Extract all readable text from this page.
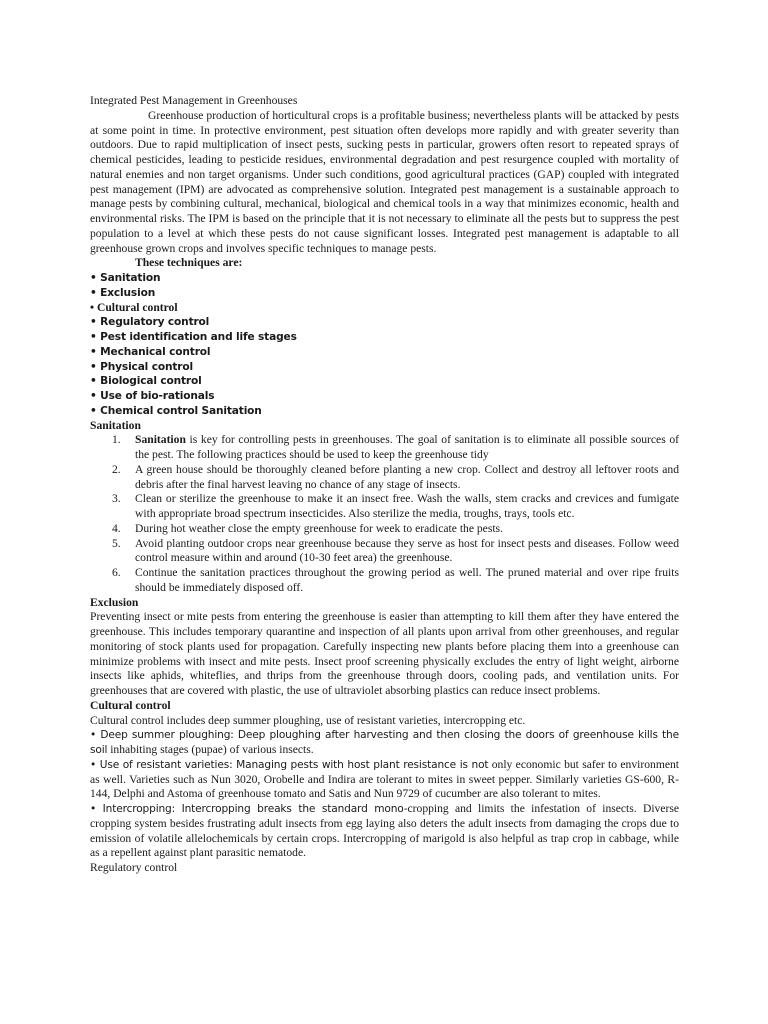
Integrated Pest Management in Greenhouses

Greenhouse production of horticultural crops is a profitable business; nevertheless plants will be attacked by pests at some point in time. In protective environment, pest situation often develops more rapidly and with greater severity than outdoors. Due to rapid multiplication of insect pests, sucking pests in particular, growers often resort to repeated sprays of chemical pesticides, leading to pesticide residues, environmental degradation and pest resurgence coupled with mortality of natural enemies and non target organisms. Under such conditions, good agricultural practices (GAP) coupled with integrated pest management (IPM) are advocated as comprehensive solution. Integrated pest management is a sustainable approach to manage pests by combining cultural, mechanical, biological and chemical tools in a way that minimizes economic, health and environmental risks. The IPM is based on the principle that it is not necessary to eliminate all the pests but to suppress the pest population to a level at which these pests do not cause significant losses. Integrated pest management is adaptable to all greenhouse grown crops and involves specific techniques to manage pests.

These techniques are:

• Sanitation
• Exclusion
• Cultural control
• Regulatory control
• Pest identification and life stages
• Mechanical control
• Physical control
• Biological control
• Use of bio-rationals
• Chemical control Sanitation

Sanitation

1. Sanitation is key for controlling pests in greenhouses. The goal of sanitation is to eliminate all possible sources of the pest. The following practices should be used to keep the greenhouse tidy
2. A green house should be thoroughly cleaned before planting a new crop. Collect and destroy all leftover roots and debris after the final harvest leaving no chance of any stage of insects.
3. Clean or sterilize the greenhouse to make it an insect free. Wash the walls, stem cracks and crevices and fumigate with appropriate broad spectrum insecticides. Also sterilize the media, troughs, trays, tools etc.
4. During hot weather close the empty greenhouse for week to eradicate the pests.
5. Avoid planting outdoor crops near greenhouse because they serve as host for insect pests and diseases. Follow weed control measure within and around (10-30 feet area) the greenhouse.
6. Continue the sanitation practices throughout the growing period as well. The pruned material and over ripe fruits should be immediately disposed off.

Exclusion

Preventing insect or mite pests from entering the greenhouse is easier than attempting to kill them after they have entered the greenhouse. This includes temporary quarantine and inspection of all plants upon arrival from other greenhouses, and regular monitoring of stock plants used for propagation. Carefully inspecting new plants before placing them into a greenhouse can minimize problems with insect and mite pests. Insect proof screening physically excludes the entry of light weight, airborne insects like aphids, whiteflies, and thrips from the greenhouse through doors, cooling pads, and ventilation units. For greenhouses that are covered with plastic, the use of ultraviolet absorbing plastics can reduce insect problems.

Cultural control

Cultural control includes deep summer ploughing, use of resistant varieties, intercropping etc.

• Deep summer ploughing: Deep ploughing after harvesting and then closing the doors of greenhouse kills the soil inhabiting stages (pupae) of various insects.

• Use of resistant varieties: Managing pests with host plant resistance is not only economic but safer to environment as well. Varieties such as Nun 3020, Orobelle and Indira are tolerant to mites in sweet pepper. Similarly varieties GS-600, R-144, Delphi and Astoma of greenhouse tomato and Satis and Nun 9729 of cucumber are also tolerant to mites.

• Intercropping: Intercropping breaks the standard mono-cropping and limits the infestation of insects. Diverse cropping system besides frustrating adult insects from egg laying also deters the adult insects from damaging the crops due to emission of volatile allelochemicals by certain crops. Intercropping of marigold is also helpful as trap crop in cabbage, while as a repellent against plant parasitic nematode.

Regulatory control
